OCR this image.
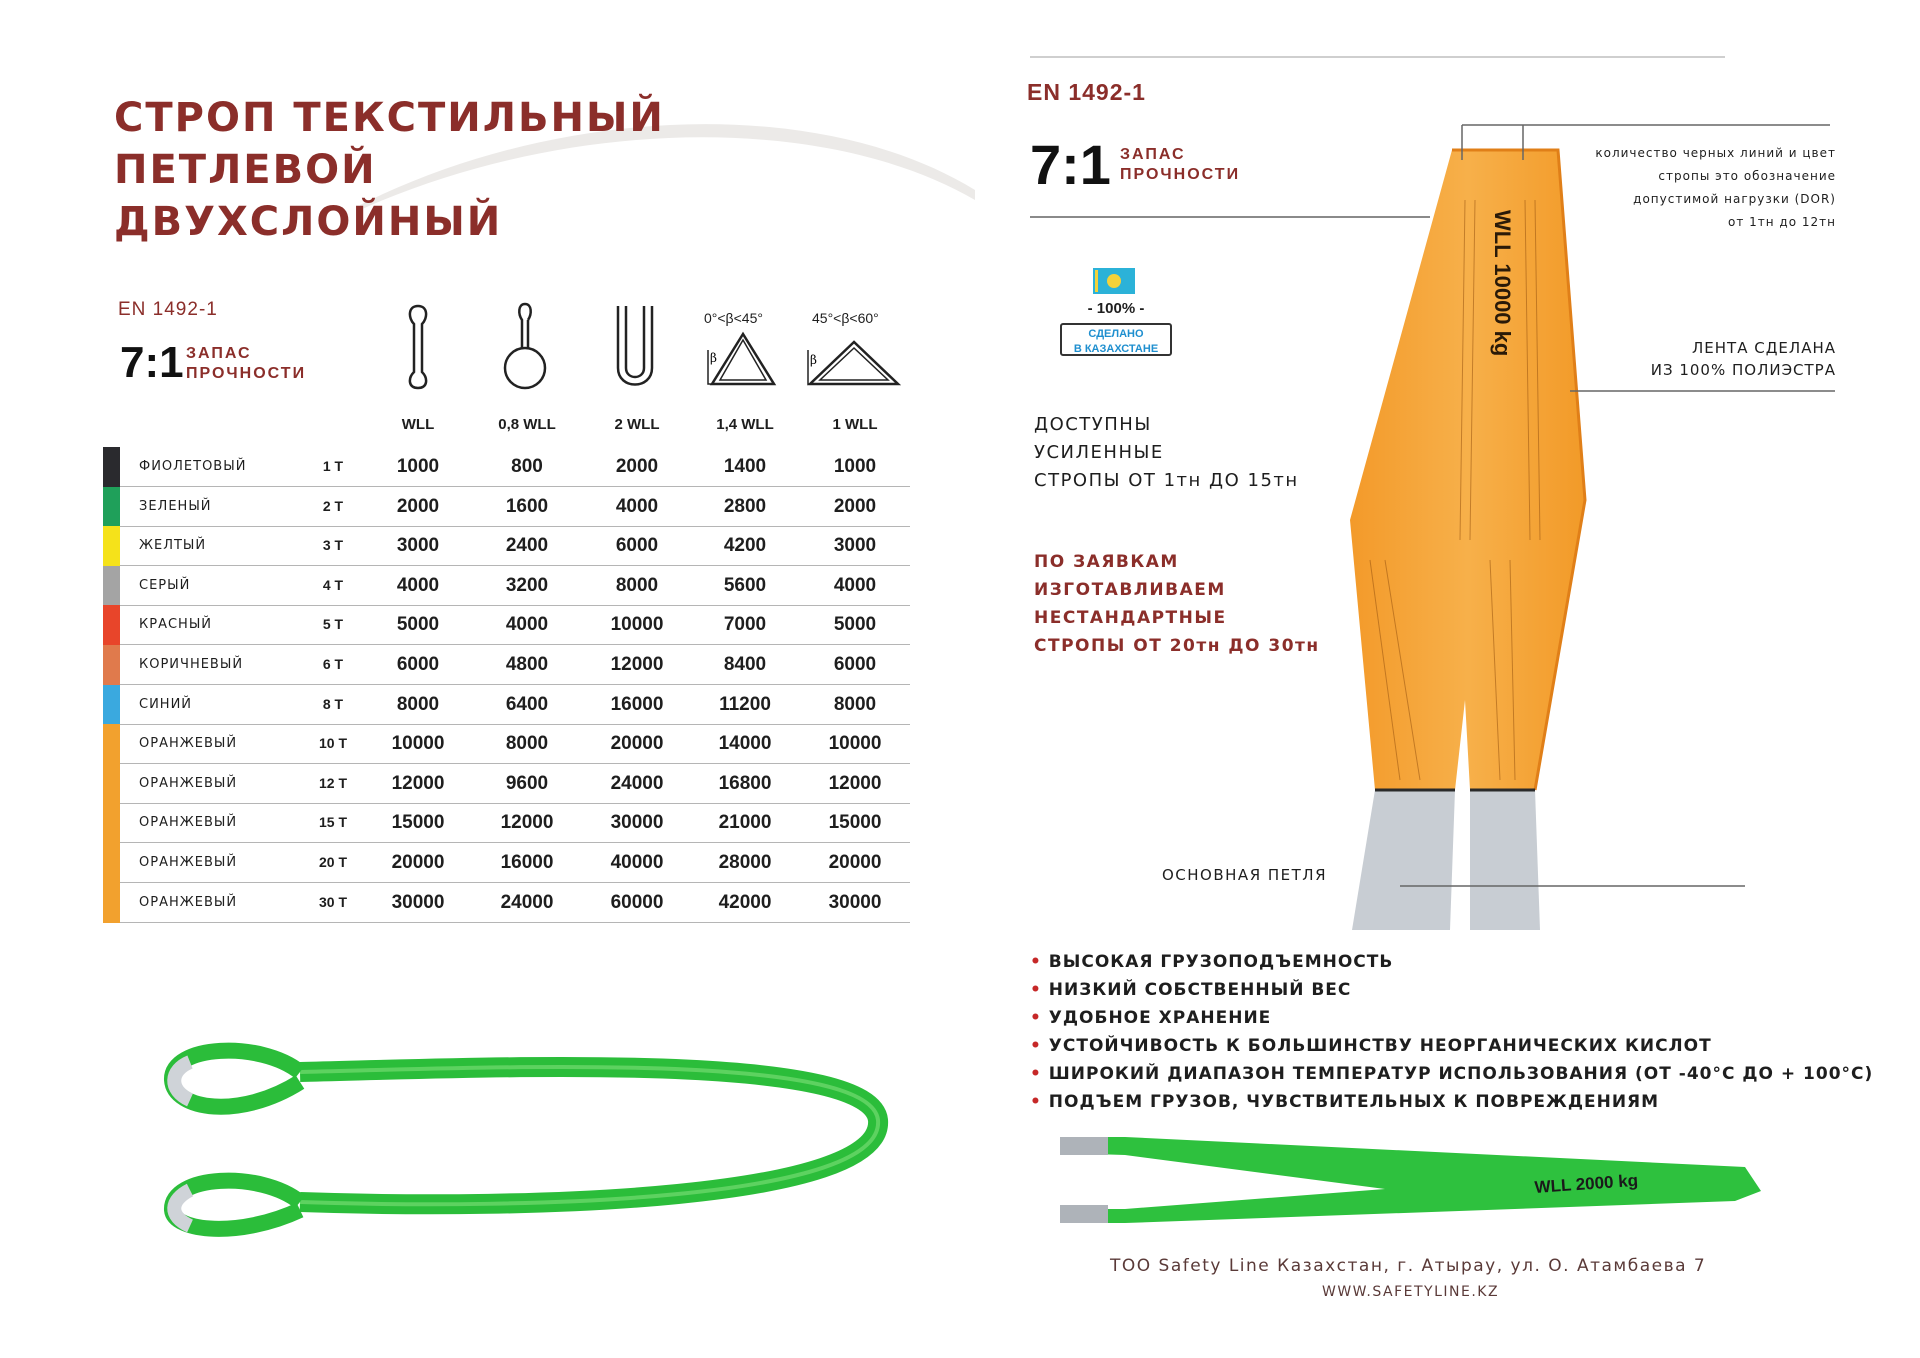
СТРОП ТЕКСТИЛЬНЫЙ
ПЕТЛЕВОЙ
ДВУХСЛОЙНЫЙ
EN 1492-1
7:1 ЗАПАС
ПРОЧНОСТИ
0°<β<45°
β
45°<β<60°
β
WLL	0,8 WLL	2 WLL	1,4 WLL	1 WLL
ФИОЛЕТОВЫЙ	1 Т	1000	800	2000	1400	1000
ЗЕЛЕНЫЙ	2 Т	2000	1600	4000	2800	2000
ЖЕЛТЫЙ	3 Т	3000	2400	6000	4200	3000
СЕРЫЙ	4 Т	4000	3200	8000	5600	4000
КРАСНЫЙ	5 Т	5000	4000	10000	7000	5000
КОРИЧНЕВЫЙ	6 Т	6000	4800	12000	8400	6000
СИНИЙ	8 Т	8000	6400	16000	11200	8000
ОРАНЖЕВЫЙ	10 Т	10000	8000	20000	14000	10000
ОРАНЖЕВЫЙ	12 Т	12000	9600	24000	16800	12000
ОРАНЖЕВЫЙ	15 Т	15000	12000	30000	21000	15000
ОРАНЖЕВЫЙ	20 Т	20000	16000	40000	28000	20000
ОРАНЖЕВЫЙ	30 Т	30000	24000	60000	42000	30000
EN 1492-1
7:1 ЗАПАС
ПРОЧНОСТИ
- 100% -
СДЕЛАНО
В КАЗАХСТАНЕ	WLL 10000 kg
количество черных линий и цвет
стропы это обозначение
допустимой нагрузки (DOR)
от 1тн до 12тн
ЛЕНТА СДЕЛАНА
ИЗ 100% ПОЛИЭСТРА
ДОСТУПНЫ
УСИЛЕННЫЕ
СТРОПЫ ОТ 1тн ДО 15тн
ПО ЗАЯВКАМ
ИЗГОТАВЛИВАЕМ
НЕСТАНДАРТНЫЕ
СТРОПЫ ОТ 20тн ДО 30тн
ОСНОВНАЯ ПЕТЛЯ
• ВЫСОКАЯ ГРУЗОПОДЪЕМНОСТЬ
• НИЗКИЙ СОБСТВЕННЫЙ ВЕС
• УДОБНОЕ ХРАНЕНИЕ
• УСТОЙЧИВОСТЬ К БОЛЬШИНСТВУ НЕОРГАНИЧЕСКИХ КИСЛОТ
• ШИРОКИЙ ДИАПАЗОН ТЕМПЕРАТУР ИСПОЛЬЗОВАНИЯ (ОТ -40°С ДО + 100°С)
• ПОДЪЕМ ГРУЗОВ, ЧУВСТВИТЕЛЬНЫХ К ПОВРЕЖДЕНИЯМ
WLL 2000 kg
ТОО Safety Line Казахстан, г. Атырау, ул. О. Атамбаева 7
WWW.SAFETYLINE.KZ
